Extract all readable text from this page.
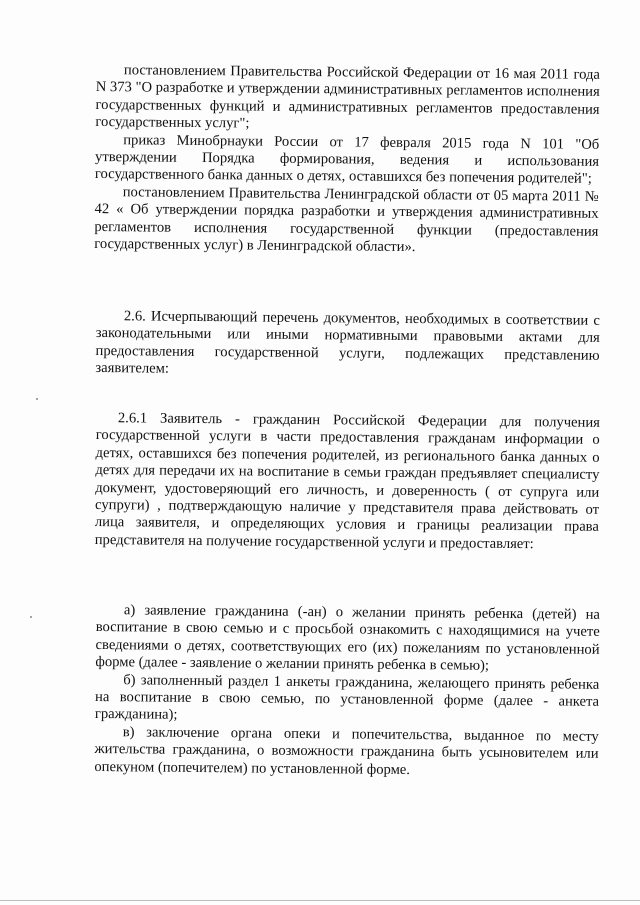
постановлением Правительства Российской Федерации от 16 мая 2011 года N 373 "О разработке и утверждении административных регламентов исполнения государственных функций и административных регламентов предоставления государственных услуг";

приказ Минобрнауки России от 17 февраля 2015 года N 101 "Об утверждении Порядка формирования, ведения и использования государственного банка данных о детях, оставшихся без попечения родителей";

постановлением Правительства Ленинградской области от 05 марта 2011 № 42 « Об утверждении порядка разработки и утверждения административных регламентов исполнения государственной функции (предоставления государственных услуг) в Ленинградской области».

2.6. Исчерпывающий перечень документов, необходимых в соответствии с законодательными или иными нормативными правовыми актами для предоставления государственной услуги, подлежащих представлению заявителем:

2.6.1 Заявитель - гражданин Российской Федерации для получения государственной услуги в части предоставления гражданам информации о детях, оставшихся без попечения родителей, из регионального банка данных о детях для передачи их на воспитание в семьи граждан предъявляет специалисту документ, удостоверяющий его личность, и доверенность ( от супруга или супруги) , подтверждающую наличие у представителя права действовать от лица заявителя, и определяющих условия и границы реализации права представителя на получение государственной услуги и предоставляет:

а) заявление гражданина (-ан) о желании принять ребенка (детей) на воспитание в свою семью и с просьбой ознакомить с находящимися на учете сведениями о детях, соответствующих его (их) пожеланиям по установленной форме (далее - заявление о желании принять ребенка в семью);

б) заполненный раздел 1 анкеты гражданина, желающего принять ребенка на воспитание в свою семью, по установленной форме (далее - анкета гражданина);

в) заключение органа опеки и попечительства, выданное по месту жительства гражданина, о возможности гражданина быть усыновителем или опекуном (попечителем) по установленной форме.
